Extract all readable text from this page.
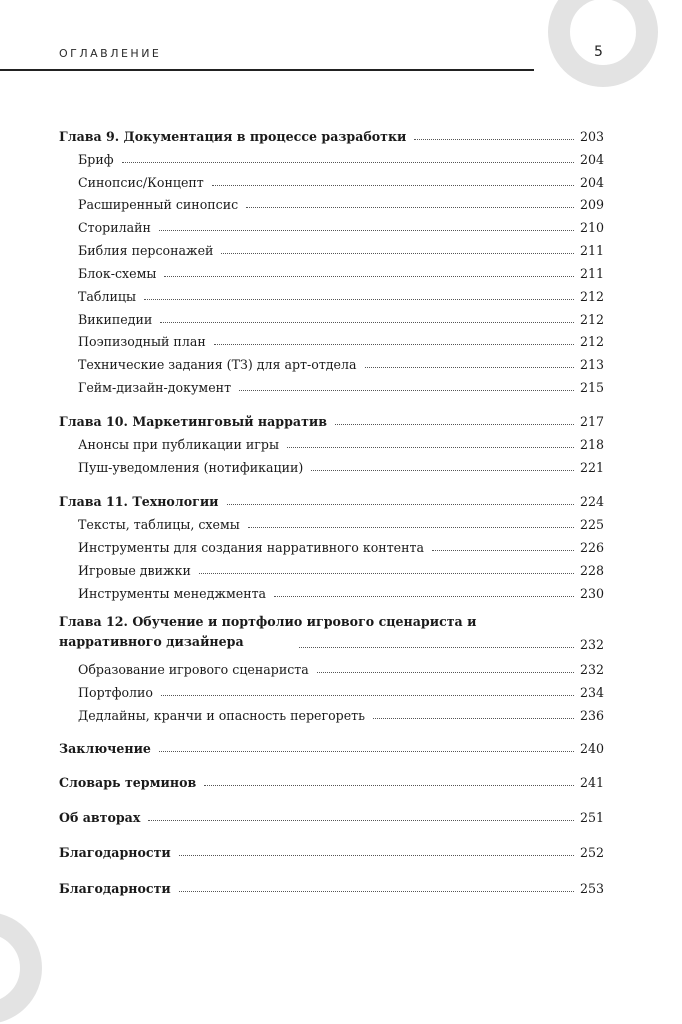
ОГЛАВЛЕНИЕ	5
Глава 9. Документация в процессе разработки	203
Бриф	204
Синопсис/Концепт	204
Расширенный синопсис	209
Сторилайн	210
Библия персонажей	211
Блок-схемы	211
Таблицы	212
Википедии	212
Поэпизодный план	212
Технические задания (ТЗ) для арт-отдела	213
Гейм-дизайн-документ	215
Глава 10. Маркетинговый нарратив	217
Анонсы при публикации игры	218
Пуш-уведомления (нотификации)	221
Глава 11. Технологии	224
Тексты, таблицы, схемы	225
Инструменты для создания нарративного контента	226
Игровые движки	228
Инструменты менеджмента	230
Глава 12. Обучение и портфолио игрового сценариста и нарративного дизайнера	232
Образование игрового сценариста	232
Портфолио	234
Дедлайны, кранчи и опасность перегореть	236
Заключение	240
Словарь терминов	241
Об авторах	251
Благодарности	252
Благодарности	253
